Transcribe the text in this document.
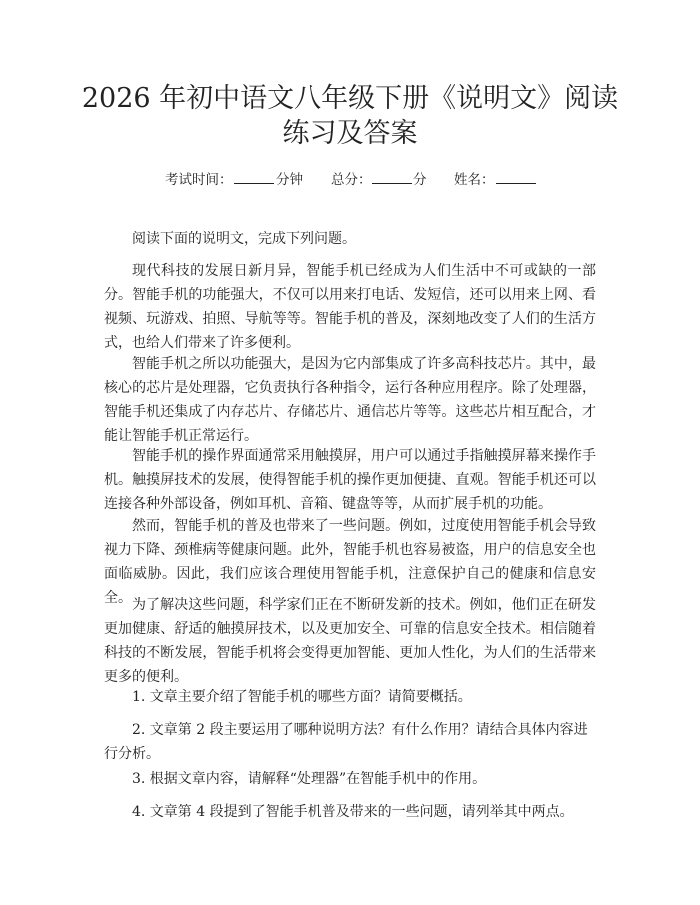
2026 年初中语文八年级下册《说明文》阅读
练习及答案
考试时间：	分钟 总分：	分 姓名：

阅读下面的说明文，完成下列问题。

现代科技的发展日新月异，智能手机已经成为人们生活中不可或缺的一部分。智能手机的功能强大，不仅可以用来打电话、发短信，还可以用来上网、看视频、玩游戏、拍照、导航等等。智能手机的普及，深刻地改变了人们的生活方式，也给人们带来了许多便利。

智能手机之所以功能强大，是因为它内部集成了许多高科技芯片。其中，最核心的芯片是处理器，它负责执行各种指令，运行各种应用程序。除了处理器，智能手机还集成了内存芯片、存储芯片、通信芯片等等。这些芯片相互配合，才能让智能手机正常运行。

智能手机的操作界面通常采用触摸屏，用户可以通过手指触摸屏幕来操作手机。触摸屏技术的发展，使得智能手机的操作更加便捷、直观。智能手机还可以连接各种外部设备，例如耳机、音箱、键盘等等，从而扩展手机的功能。

然而，智能手机的普及也带来了一些问题。例如，过度使用智能手机会导致视力下降、颈椎病等健康问题。此外，智能手机也容易被盗，用户的信息安全也面临威胁。因此，我们应该合理使用智能手机，注意保护自己的健康和信息安全。 为了解决这些问题，科学家们正在不断研发新的技术。例如，他们正在研发更加健康、舒适的触摸屏技术，以及更加安全、可靠的信息安全技术。相信随着科技的不断发展，智能手机将会变得更加智能、更加人性化，为人们的生活带来更多的便利。

1. 文章主要介绍了智能手机的哪些方面？请简要概括。

2. 文章第 2 段主要运用了哪种说明方法？有什么作用？请结合具体内容进行分析。

3. 根据文章内容，请解释“处理器”在智能手机中的作用。

4. 文章第 4 段提到了智能手机普及带来的一些问题，请列举其中两点。
